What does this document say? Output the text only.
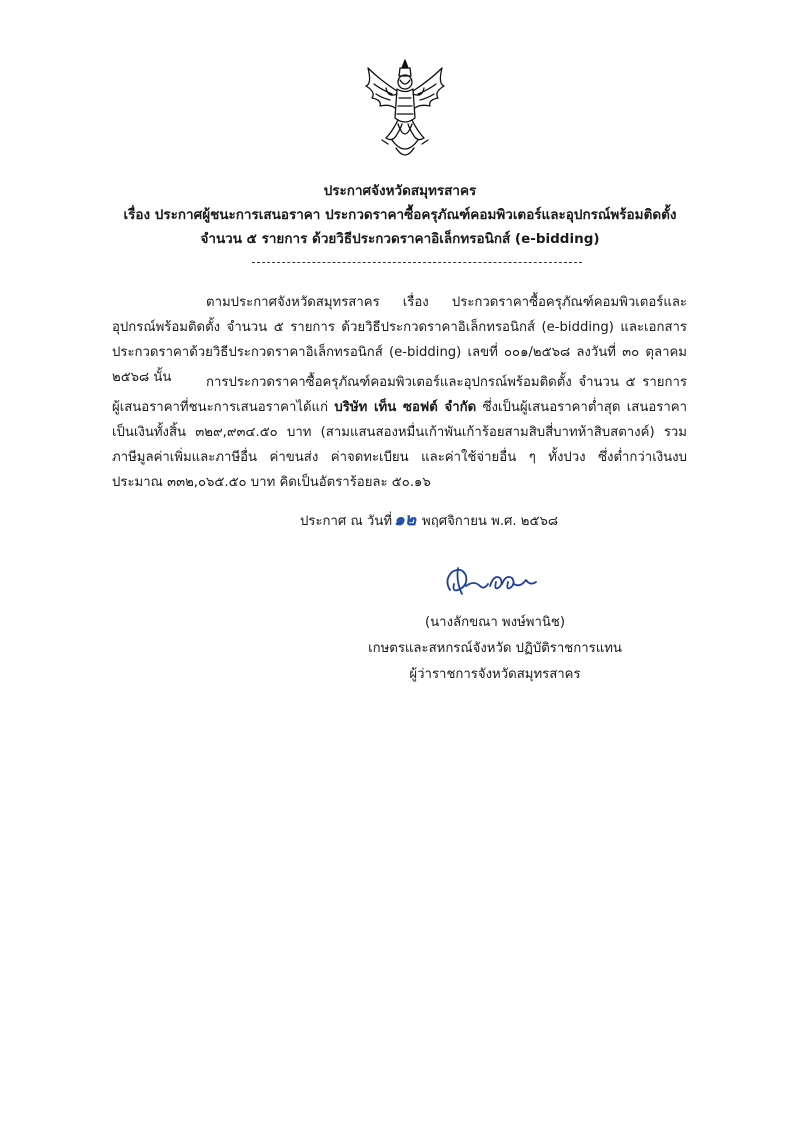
ประกาศจังหวัดสมุทรสาคร
เรื่อง ประกาศผู้ชนะการเสนอราคา ประกวดราคาซื้อครุภัณฑ์คอมพิวเตอร์และอุปกรณ์พร้อมติดตั้ง
จำนวน ๕ รายการ ด้วยวิธีประกวดราคาอิเล็กทรอนิกส์ (e-bidding)
ตามประกาศจังหวัดสมุทรสาคร เรื่อง ประกวดราคาซื้อครุภัณฑ์คอมพิวเตอร์และอุปกรณ์พร้อมติดตั้ง จำนวน ๕ รายการ ด้วยวิธีประกวดราคาอิเล็กทรอนิกส์ (e-bidding) และเอกสารประกวดราคาด้วยวิธีประกวดราคาอิเล็กทรอนิกส์ (e-bidding) เลขที่ ๐๐๑/๒๕๖๘ ลงวันที่ ๓๐ ตุลาคม ๒๕๖๘ นั้น	การประกวดราคาซื้อครุภัณฑ์คอมพิวเตอร์และอุปกรณ์พร้อมติดตั้ง จำนวน ๕ รายการ ผู้เสนอราคาที่ชนะการเสนอราคาได้แก่ บริษัท เท็น ซอฟต์ จำกัด ซึ่งเป็นผู้เสนอราคาต่ำสุด เสนอราคาเป็นเงินทั้งสิ้น ๓๒๙,๙๓๔.๕๐ บาท (สามแสนสองหมื่นเก้าพันเก้าร้อยสามสิบสี่บาทห้าสิบสตางค์) รวมภาษีมูลค่าเพิ่มและภาษีอื่น ค่าขนส่ง ค่าจดทะเบียน และค่าใช้จ่ายอื่น ๆ ทั้งปวง ซึ่งต่ำกว่าเงินงบประมาณ ๓๓๒,๐๖๕.๕๐ บาท คิดเป็นอัตราร้อยละ ๕๐.๑๖
ประกาศ ณ วันที่ ๑๒ พฤศจิกายน พ.ศ. ๒๕๖๘
(นางลักขณา พงษ์พานิช)
เกษตรและสหกรณ์จังหวัด ปฏิบัติราชการแทน
ผู้ว่าราชการจังหวัดสมุทรสาคร
